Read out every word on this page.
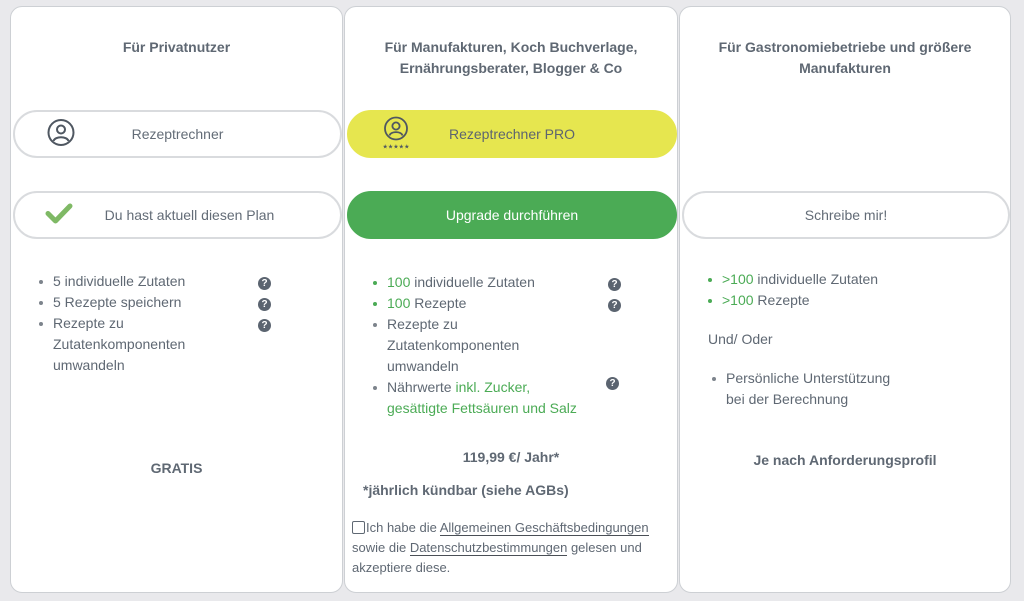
Für Privatnutzer
Rezeptrechner
Du hast aktuell diesen Plan
5 individuelle Zutaten
5 Rezepte speichern
Rezepte zu
Zutatenkomponenten
umwandeln
?
?
?
GRATIS
Für Manufakturen, Koch Buchverlage,
Ernährungsberater, Blogger & Co
★★★★★
Rezeptrechner PRO
Upgrade durchführen
100 individuelle Zutaten
100 Rezepte
Rezepte zu
Zutatenkomponenten
umwandeln
Nährwerte inkl. Zucker,
gesättigte Fettsäuren und Salz
?
?
?
119,99 €/ Jahr*
*jährlich kündbar (siehe AGBs)
Ich habe die Allgemeinen Geschäftsbedingungen
sowie die Datenschutzbestimmungen gelesen und
akzeptiere diese.
Für Gastronomiebetriebe und größere
Manufakturen
Schreibe mir!
>100 individuelle Zutaten
>100 Rezepte
Und/ Oder
Persönliche Unterstützung
bei der Berechnung
Je nach Anforderungsprofil
